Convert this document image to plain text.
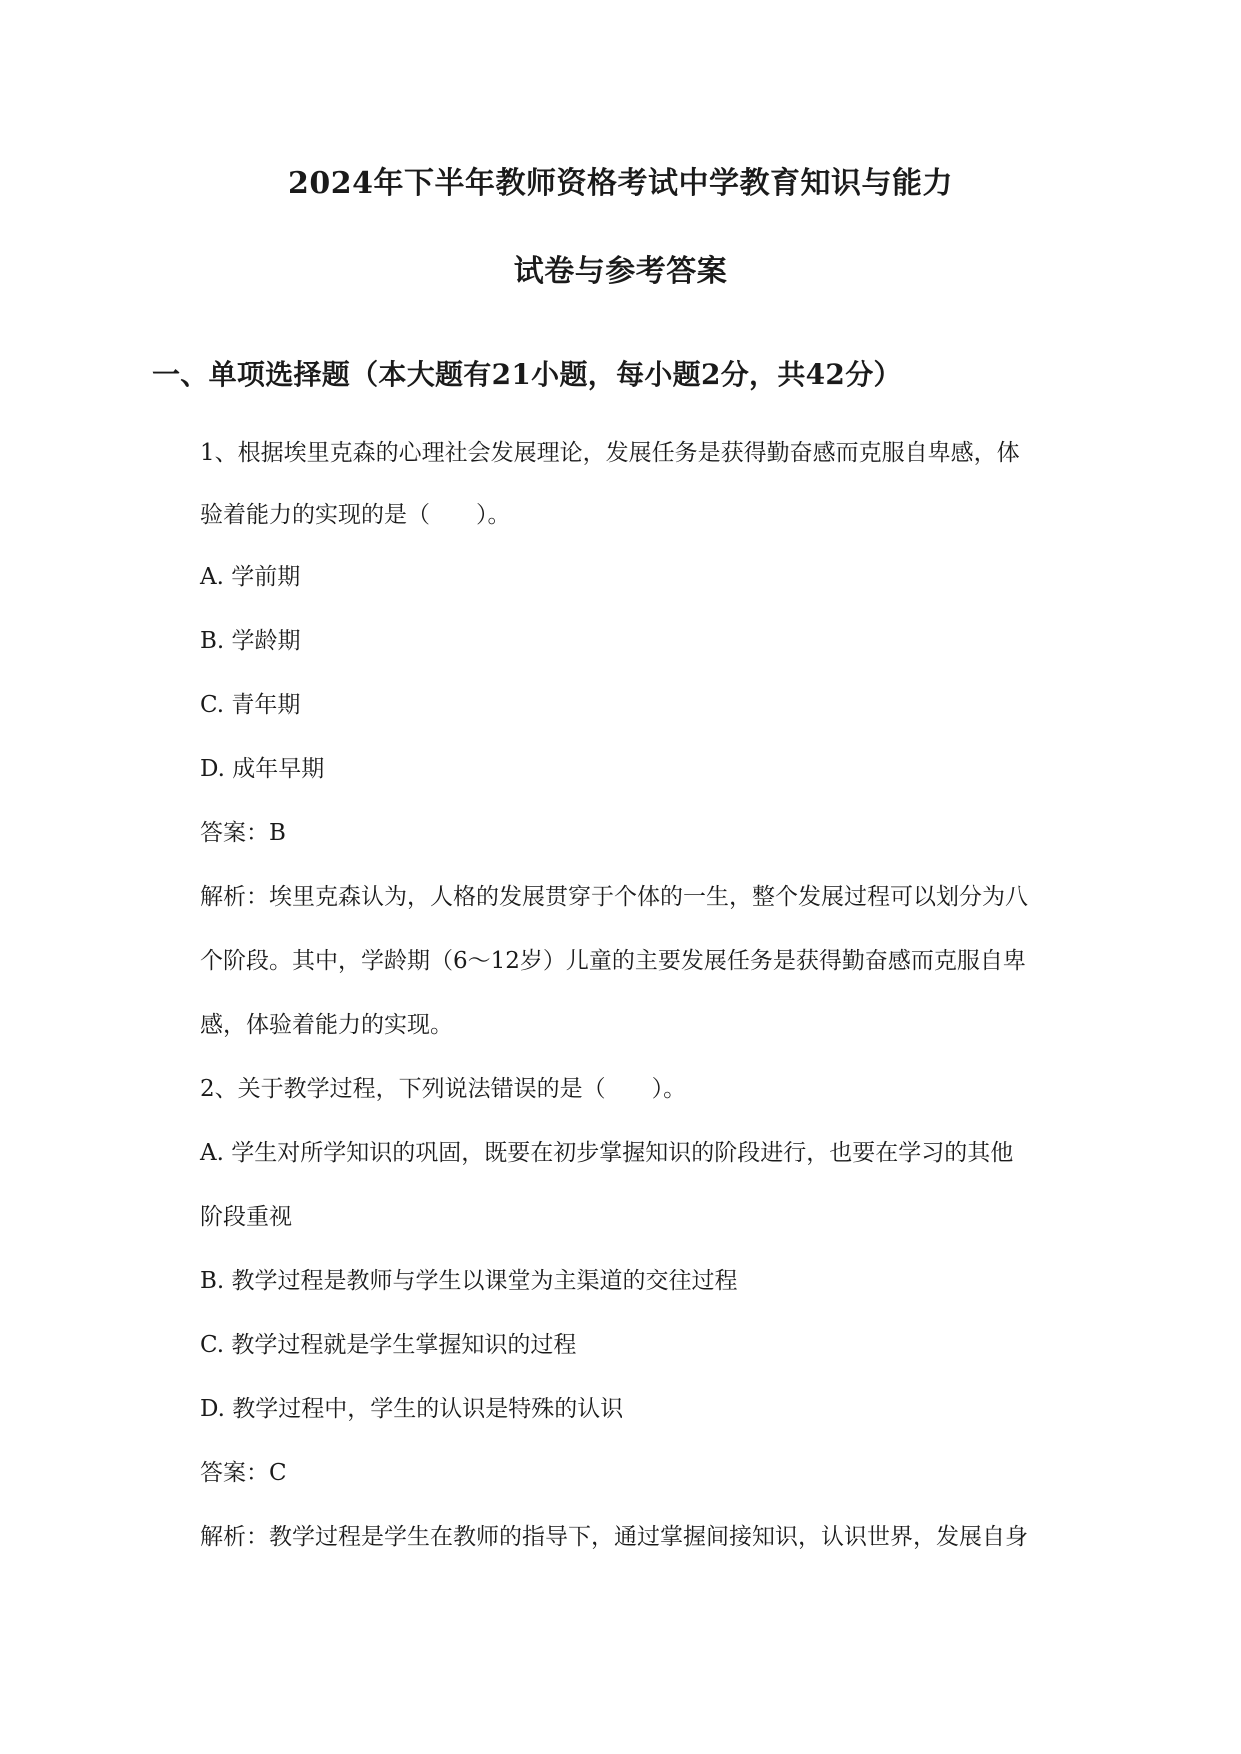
2024年下半年教师资格考试中学教育知识与能力
试卷与参考答案
一、单项选择题（本大题有21小题，每小题2分，共42分）
1、根据埃里克森的心理社会发展理论，发展任务是获得勤奋感而克服自卑感，体
验着能力的实现的是（　　）。
A. 学前期
B. 学龄期
C. 青年期
D. 成年早期
答案：B
解析：埃里克森认为，人格的发展贯穿于个体的一生，整个发展过程可以划分为八
个阶段。其中，学龄期（6～12岁）儿童的主要发展任务是获得勤奋感而克服自卑
感，体验着能力的实现。
2、关于教学过程，下列说法错误的是（　　）。
A. 学生对所学知识的巩固，既要在初步掌握知识的阶段进行，也要在学习的其他
阶段重视
B. 教学过程是教师与学生以课堂为主渠道的交往过程
C. 教学过程就是学生掌握知识的过程
D. 教学过程中，学生的认识是特殊的认识
答案：C
解析：教学过程是学生在教师的指导下，通过掌握间接知识，认识世界，发展自身
